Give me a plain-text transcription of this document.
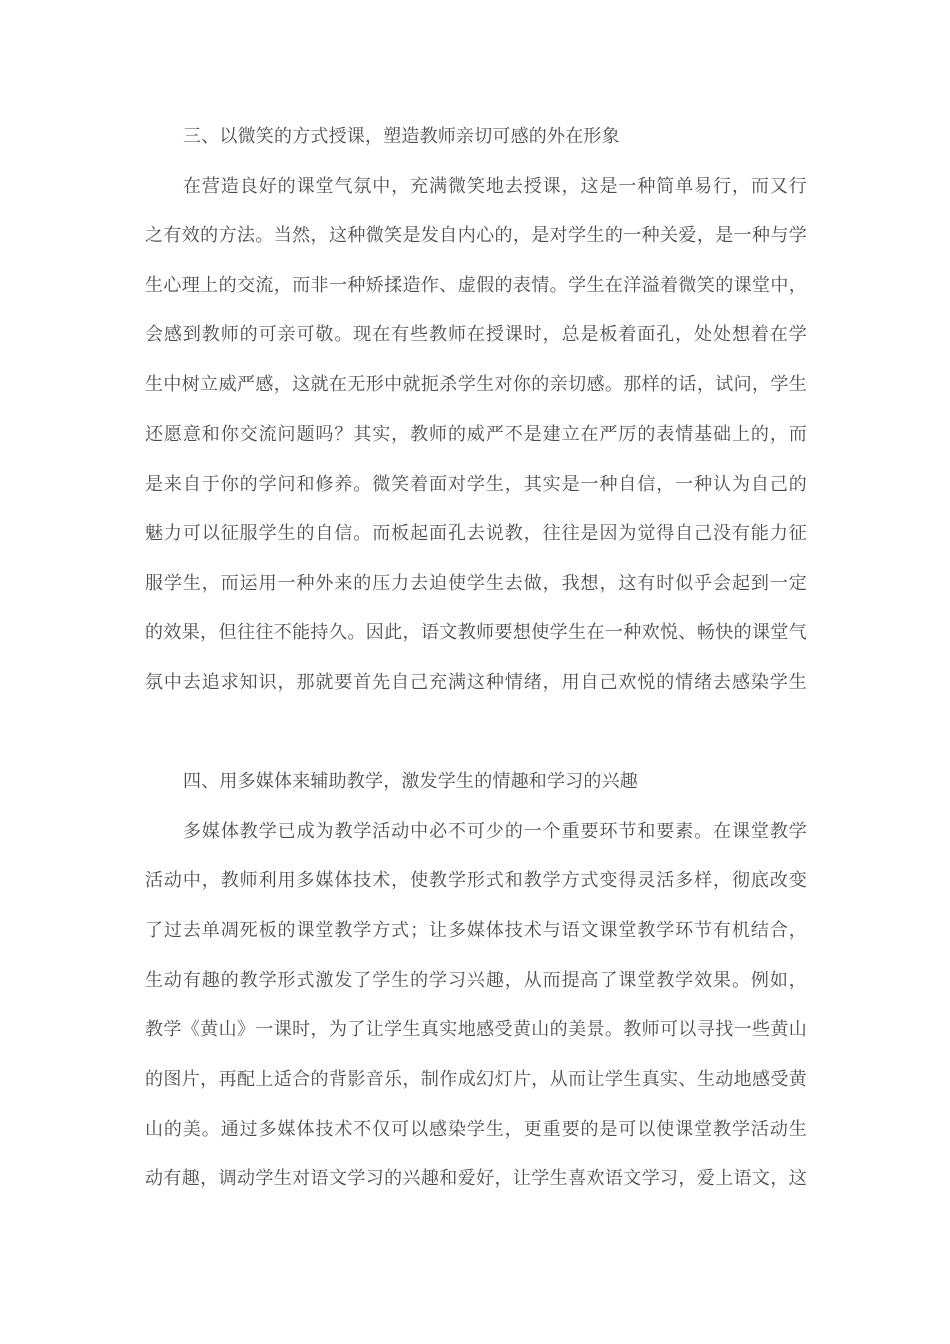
三、以微笑的方式授课，塑造教师亲切可感的外在形象
在营造良好的课堂气氛中，充满微笑地去授课，这是一种简单易行，而又行
之有效的方法。当然，这种微笑是发自内心的，是对学生的一种关爱，是一种与学
生心理上的交流，而非一种矫揉造作、虚假的表情。学生在洋溢着微笑的课堂中，
会感到教师的可亲可敬。现在有些教师在授课时，总是板着面孔，处处想着在学
生中树立威严感，这就在无形中就扼杀学生对你的亲切感。那样的话，试问，学生
还愿意和你交流问题吗？其实，教师的威严不是建立在严厉的表情基础上的，而
是来自于你的学问和修养。微笑着面对学生，其实是一种自信，一种认为自己的
魅力可以征服学生的自信。而板起面孔去说教，往往是因为觉得自己没有能力征
服学生，而运用一种外来的压力去迫使学生去做，我想，这有时似乎会起到一定
的效果，但往往不能持久。因此，语文教师要想使学生在一种欢悦、畅快的课堂气
氛中去追求知识，那就要首先自己充满这种情绪，用自己欢悦的情绪去感染学生
四、用多媒体来辅助教学，激发学生的情趣和学习的兴趣
多媒体教学已成为教学活动中必不可少的一个重要环节和要素。在课堂教学
活动中，教师利用多媒体技术，使教学形式和教学方式变得灵活多样，彻底改变
了过去单凋死板的课堂教学方式；让多媒体技术与语文课堂教学环节有机结合，
生动有趣的教学形式激发了学生的学习兴趣，从而提高了课堂教学效果。例如，
教学《黄山》一课时，为了让学生真实地感受黄山的美景。教师可以寻找一些黄山
的图片，再配上适合的背影音乐，制作成幻灯片，从而让学生真实、生动地感受黄
山的美。通过多媒体技术不仅可以感染学生，更重要的是可以使课堂教学活动生
动有趣，调动学生对语文学习的兴趣和爱好，让学生喜欢语文学习，爱上语文，这
